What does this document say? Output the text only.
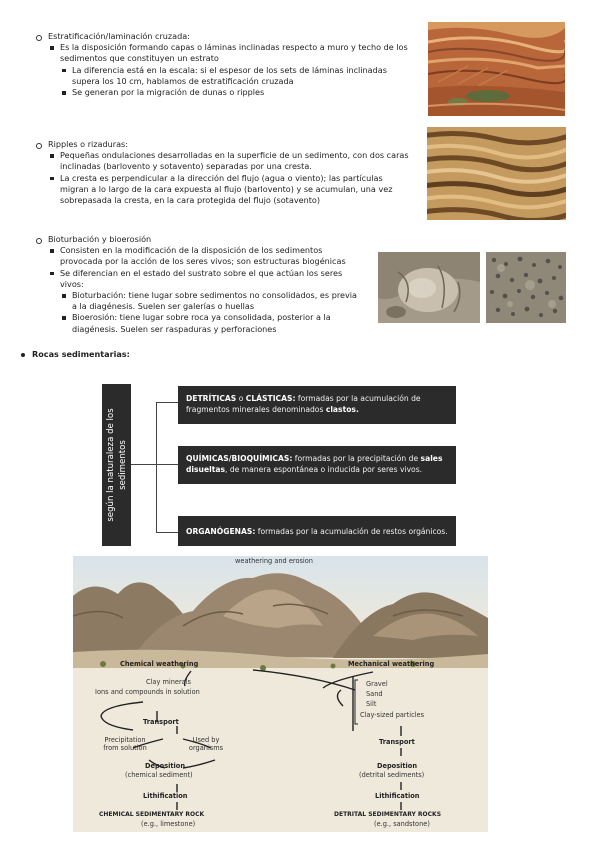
Estratificación/laminación cruzada:
Es la disposición formando capas o láminas inclinadas respecto a muro y techo de los sedimentos que constituyen un estrato
La diferencia está en la escala: si el espesor de los sets de láminas inclinadas supera los 10 cm, hablamos de estratificación cruzada
Se generan por la migración de dunas o ripples
Ripples o rizaduras:
Pequeñas ondulaciones desarrolladas en la superficie de un sedimento, con dos caras inclinadas (barlovento y sotavento) separadas por una cresta.
La cresta es perpendicular a la dirección del flujo (agua o viento); las partículas migran a lo largo de la cara expuesta al flujo (barlovento) y se acumulan, una vez sobrepasada la cresta, en la cara protegida del flujo (sotavento)
Bioturbación y bioerosión
Consisten en la modificación de la disposición de los sedimentos provocada por la acción de los seres vivos; son estructuras biogénicas
Se diferencian en el estado del sustrato sobre el que actúan los seres vivos:
Bioturbación: tiene lugar sobre sedimentos no consolidados, es previa a la diagénesis. Suelen ser galerías o huellas
Bioerosión: tiene lugar sobre roca ya consolidada, posterior a la diagénesis. Suelen ser raspaduras y perforaciones
Rocas sedimentarias:
según la naturaleza de los sedimentos
DETRÍTICAS o CLÁSTICAS: formadas por la acumulación de fragmentos minerales denominados clastos.
QUÍMICAS/BIOQUÍMICAS: formadas por la precipitación de sales disueltas, de manera espontánea o inducida por seres vivos.
ORGANÓGENAS: formadas por la acumulación de restos orgánicos.
weathering and erosion
Chemical weathering	Mechanical weathering
Clay minerals
Ions and compounds in solution
Transport
Precipitation from solution
Used by organisms
Deposition
(chemical sediment)
Lithification
CHEMICAL SEDIMENTARY ROCK
(e.g., limestone)
Gravel
Sand
Silt
Clay-sized particles
Transport
Deposition
(detrital sediments)
Lithification
DETRITAL SEDIMENTARY ROCKS
(e.g., sandstone)
